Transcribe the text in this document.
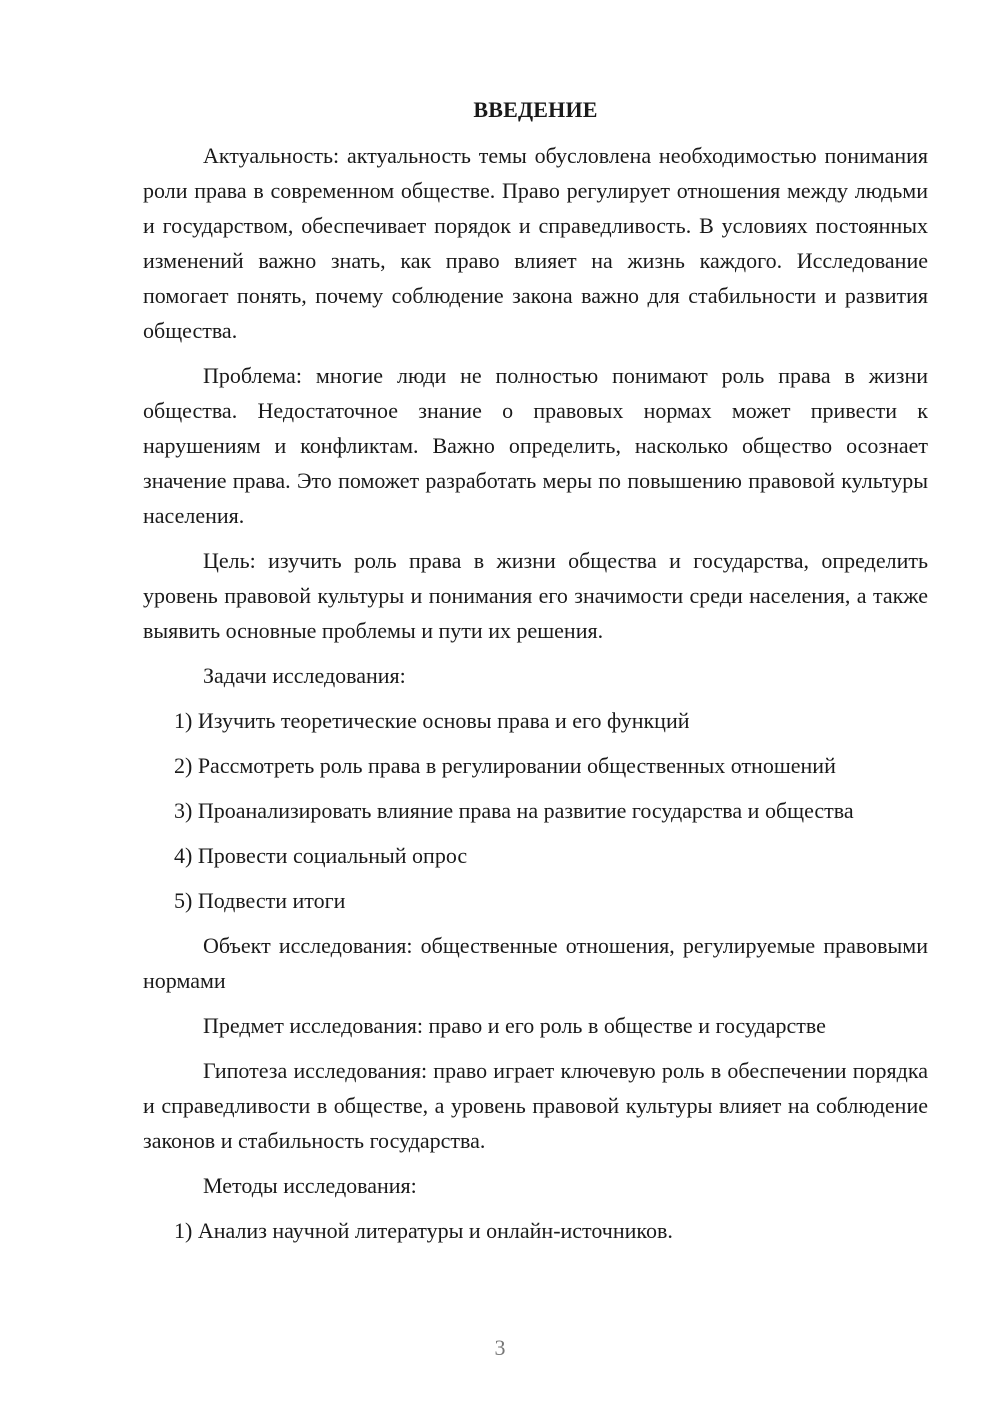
ВВЕДЕНИЕ

Актуальность: актуальность темы обусловлена необходимостью понимания роли права в современном обществе. Право регулирует отношения между людьми и государством, обеспечивает порядок и справедливость. В условиях постоянных изменений важно знать, как право влияет на жизнь каждого. Исследование помогает понять, почему соблюдение закона важно для стабильности и развития общества.

Проблема: многие люди не полностью понимают роль права в жизни общества. Недостаточное знание о правовых нормах может привести к нарушениям и конфликтам. Важно определить, насколько общество осознает значение права. Это поможет разработать меры по повышению правовой культуры населения.

Цель: изучить роль права в жизни общества и государства, определить уровень правовой культуры и понимания его значимости среди населения, а также выявить основные проблемы и пути их решения.

Задачи исследования:

1) Изучить теоретические основы права и его функций

2) Рассмотреть роль права в регулировании общественных отношений

3) Проанализировать влияние права на развитие государства и общества

4) Провести социальный опрос

5) Подвести итоги

Объект исследования: общественные отношения, регулируемые правовыми нормами

Предмет исследования: право и его роль в обществе и государстве

Гипотеза исследования: право играет ключевую роль в обеспечении порядка и справедливости в обществе, а уровень правовой культуры влияет на соблюдение законов и стабильность государства.

Методы исследования:

1) Анализ научной литературы и онлайн-источников.

3
